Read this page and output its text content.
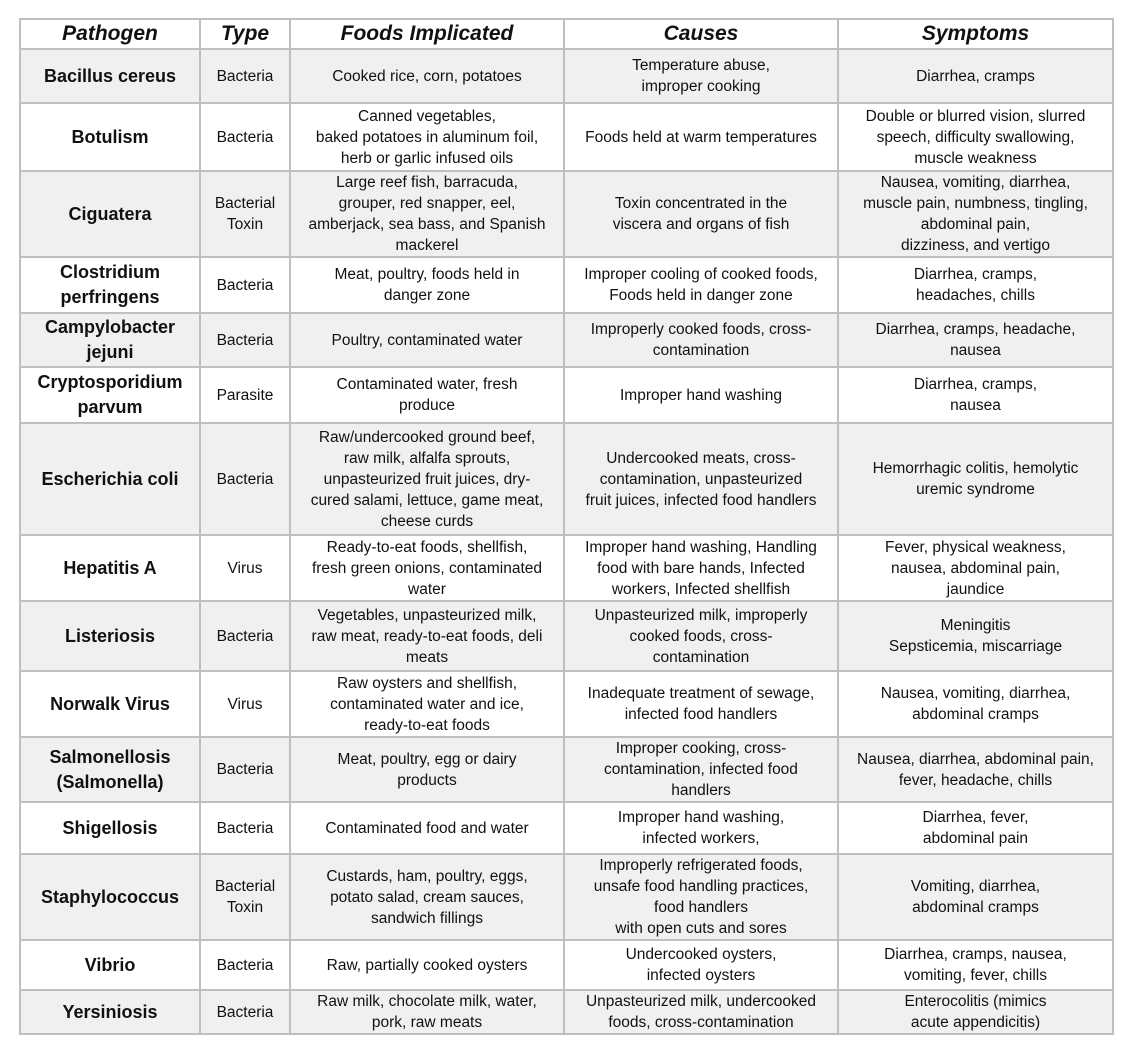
Pathogen	Type	Foods Implicated	Causes	Symptoms

Bacillus cereus	Bacteria	Cooked rice, corn, potatoes	Temperature abuse,
improper cooking	Diarrhea, cramps

Botulism	Bacteria	Canned vegetables,
baked potatoes in aluminum foil,
herb or garlic infused oils	Foods held at warm temperatures	Double or blurred vision, slurred
speech, difficulty swallowing,
muscle weakness

Ciguatera	Bacterial
Toxin	Large reef fish, barracuda,
grouper, red snapper, eel,
amberjack, sea bass, and Spanish
mackerel	Toxin concentrated in the
viscera and organs of fish	Nausea, vomiting, diarrhea,
muscle pain, numbness, tingling,
abdominal pain,
dizziness, and vertigo

Clostridium
perfringens	Bacteria	Meat, poultry, foods held in
danger zone	Improper cooling of cooked foods,
Foods held in danger zone	Diarrhea, cramps,
headaches, chills

Campylobacter
jejuni	Bacteria	Poultry, contaminated water	Improperly cooked foods, cross-
contamination	Diarrhea, cramps, headache,
nausea

Cryptosporidium
parvum	Parasite	Contaminated water, fresh
produce	Improper hand washing	Diarrhea, cramps,
nausea

Escherichia coli	Bacteria	Raw/undercooked ground beef,
raw milk, alfalfa sprouts,
unpasteurized fruit juices, dry-
cured salami, lettuce, game meat,
cheese curds	Undercooked meats, cross-
contamination, unpasteurized
fruit juices, infected food handlers	Hemorrhagic colitis, hemolytic
uremic syndrome

Hepatitis A	Virus	Ready-to-eat foods, shellfish,
fresh green onions, contaminated
water	Improper hand washing, Handling
food with bare hands, Infected
workers, Infected shellfish	Fever, physical weakness,
nausea, abdominal pain,
jaundice

Listeriosis	Bacteria	Vegetables, unpasteurized milk,
raw meat, ready-to-eat foods, deli
meats	Unpasteurized milk, improperly
cooked foods, cross-
contamination	Meningitis
Sepsticemia, miscarriage

Norwalk Virus	Virus	Raw oysters and shellfish,
contaminated water and ice,
ready-to-eat foods	Inadequate treatment of sewage,
infected food handlers	Nausea, vomiting, diarrhea,
abdominal cramps

Salmonellosis
(Salmonella)	Bacteria	Meat, poultry, egg or dairy
products	Improper cooking, cross-
contamination, infected food
handlers	Nausea, diarrhea, abdominal pain,
fever, headache, chills

Shigellosis	Bacteria	Contaminated food and water	Improper hand washing,
infected workers,	Diarrhea, fever,
abdominal pain

Staphylococcus	Bacterial
Toxin	Custards, ham, poultry, eggs,
potato salad, cream sauces,
sandwich fillings	Improperly refrigerated foods,
unsafe food handling practices,
food handlers
with open cuts and sores	Vomiting, diarrhea,
abdominal cramps

Vibrio	Bacteria	Raw, partially cooked oysters	Undercooked oysters,
infected oysters	Diarrhea, cramps, nausea,
vomiting, fever, chills

Yersiniosis	Bacteria	Raw milk, chocolate milk, water,
pork, raw meats	Unpasteurized milk, undercooked
foods, cross-contamination	Enterocolitis (mimics
acute appendicitis)
